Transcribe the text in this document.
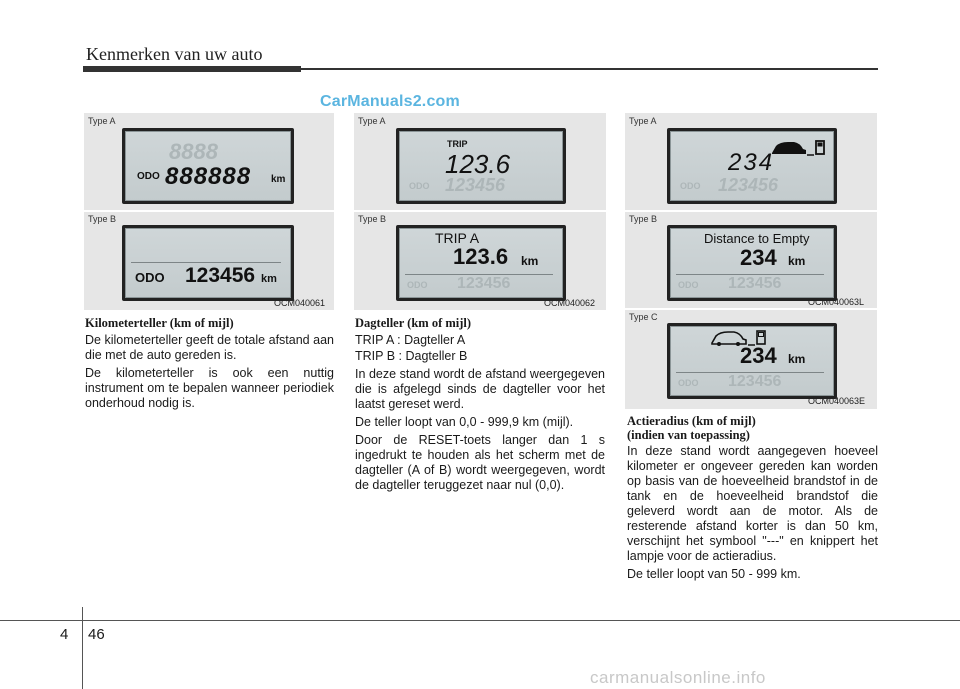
Kenmerken van uw auto
CarManuals2.com
Type A
Type B
8888
ODO 888888 km
ODO 123456 km
OCM040061
Type A
Type B
TRIP
123.6
ODO 123456
TRIP A
123.6 km
ODO 123456
OCM040062
Type A
Type B
Type C
234
ODO 123456
Distance to Empty
234 km
ODO 123456
234 km
ODO 123456
OCM040063L
OCM040063E

Kilometerteller (km of mijl)

De kilometerteller geeft de totale afstand aan die met de auto gereden is.

De kilometerteller is ook een nuttig instrument om te bepalen wanneer periodiek onderhoud nodig is.

Dagteller (km of mijl)

TRIP A : Dagteller A

TRIP B : Dagteller B

In deze stand wordt de afstand weergegeven die is afgelegd sinds de dagteller voor het laatst gereset werd.

De teller loopt van 0,0 - 999,9 km (mijl).

Door de RESET-toets langer dan 1 s ingedrukt te houden als het scherm met de dagteller (A of B) wordt weergegeven, wordt de dagteller teruggezet naar nul (0,0).

Actieradius (km of mijl)
(indien van toepassing)

In deze stand wordt aangegeven hoeveel kilometer er ongeveer gereden kan worden op basis van de hoeveelheid brandstof in de tank en de hoeveelheid brandstof die geleverd wordt aan de motor. Als de resterende afstand korter is dan 50 km, verschijnt het symbool "---" en knippert het lampje voor de actieradius.

De teller loopt van 50 - 999 km.

4 46
carmanualsonline.info
